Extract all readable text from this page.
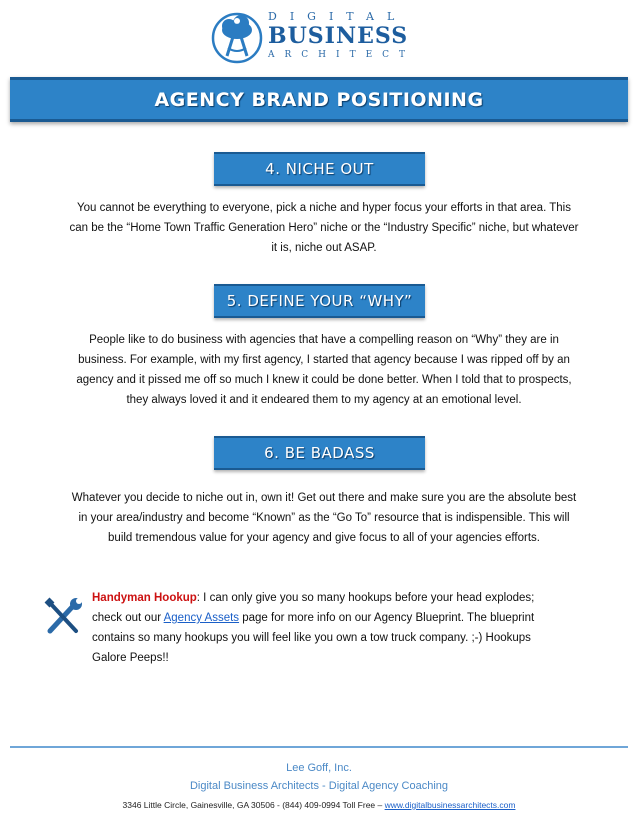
DIGITAL

BUSINESS

ARCHITECT

AGENCY BRAND POSITIONING
4. NICHE OUT

You cannot be everything to everyone, pick a niche and hyper focus your efforts in that area. This can be the “Home Town Traffic Generation Hero” niche or the “Industry Specific” niche, but whatever it is, niche out ASAP.

5. DEFINE YOUR “WHY”

People like to do business with agencies that have a compelling reason on “Why” they are in business. For example, with my first agency, I started that agency because I was ripped off by an agency and it pissed me off so much I knew it could be done better. When I told that to prospects, they always loved it and it endeared them to my agency at an emotional level.

6. BE BADASS

Whatever you decide to niche out in, own it! Get out there and make sure you are the absolute best in your area/industry and become “Known” as the “Go To” resource that is indispensible. This will build tremendous value for your agency and give focus to all of your agencies efforts.

Handyman Hookup: I can only give you so many hookups before your head explodes; check out our Agency Assets page for more info on our Agency Blueprint. The blueprint contains so many hookups you will feel like you own a tow truck company. ;-) Hookups Galore Peeps!!

Lee Goff, Inc.

Digital Business Architects - Digital Agency Coaching

3346 Little Circle, Gainesville, GA 30506 - (844) 409-0994 Toll Free – www.digitalbusinessarchitects.com
